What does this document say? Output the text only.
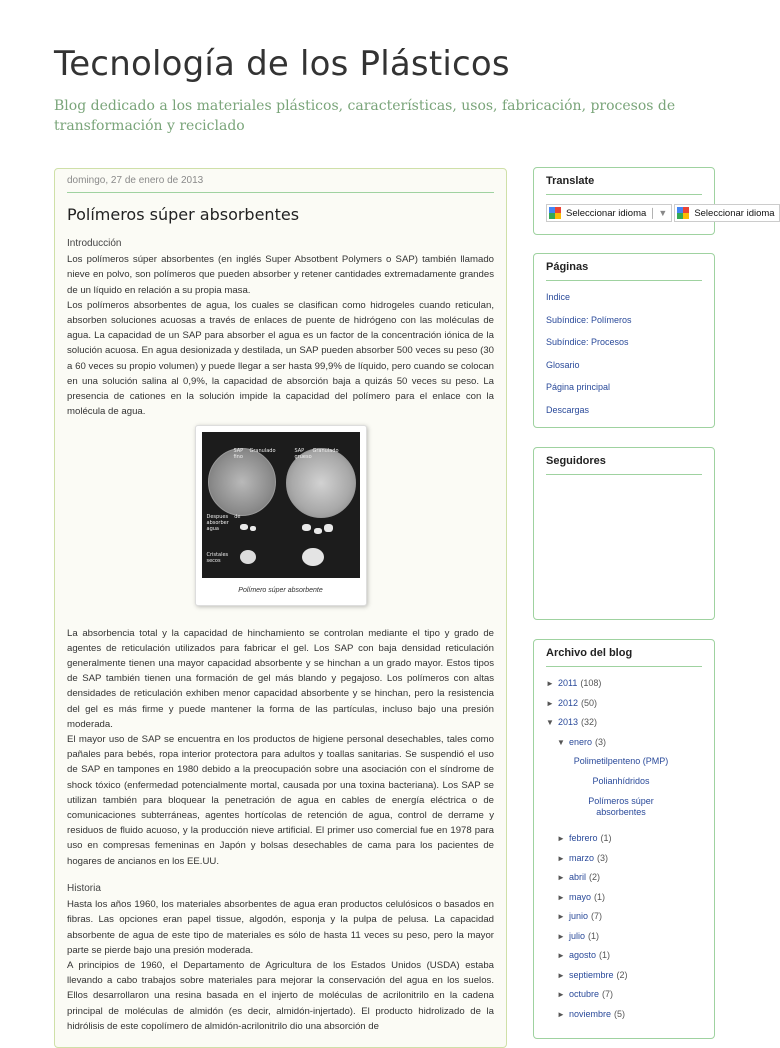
Tecnología de los Plásticos
Blog dedicado a los materiales plásticos, características, usos, fabricación, procesos de transformación y reciclado
domingo, 27 de enero de 2013
Polímeros súper absorbentes
Introducción

Los polímeros súper absorbentes (en inglés Super Absotbent Polymers o SAP) también llamado nieve en polvo, son polímeros que pueden absorber y retener cantidades extremadamente grandes de un líquido en relación a su propia masa.

Los polímeros absorbentes de agua, los cuales se clasifican como hidrogeles cuando reticulan, absorben soluciones acuosas a través de enlaces de puente de hidrógeno con las moléculas de agua. La capacidad de un SAP para absorber el agua es un factor de la concentración iónica de la solución acuosa. En agua desionizada y destilada, un SAP pueden absorber 500 veces su peso (30 a 60 veces su propio volumen) y puede llegar a ser hasta 99,9% de líquido, pero cuando se colocan en una solución salina al 0,9%, la capacidad de absorción baja a quizás 50 veces su peso. La presencia de cationes en la solución impide la capacidad del polímero para el enlace con la molécula de agua.

SAP Granulado fino
SAP Granulado grueso
Despues de absorber agua
Cristales secos
Polímero súper absorbente

La absorbencia total y la capacidad de hinchamiento se controlan mediante el tipo y grado de agentes de reticulación utilizados para fabricar el gel. Los SAP con baja densidad reticulación generalmente tienen una mayor capacidad absorbente y se hinchan a un grado mayor. Estos tipos de SAP también tienen una formación de gel más blando y pegajoso. Los polímeros con altas densidades de reticulación exhiben menor capacidad absorbente y se hinchan, pero la resistencia del gel es más firme y puede mantener la forma de las partículas, incluso bajo una presión moderada.

El mayor uso de SAP se encuentra en los productos de higiene personal desechables, tales como pañales para bebés, ropa interior protectora para adultos y toallas sanitarias. Se suspendió el uso de SAP en tampones en 1980 debido a la preocupación sobre una asociación con el síndrome de shock tóxico (enfermedad potencialmente mortal, causada por una toxina bacteriana). Los SAP se utilizan también para bloquear la penetración de agua en cables de energía eléctrica o de comunicaciones subterráneas, agentes hortícolas de retención de agua, control de derrame y residuos de fluido acuoso, y la producción nieve artificial. El primer uso comercial fue en 1978 para uso en compresas femeninas en Japón y bolsas desechables de cama para los pacientes de hogares de ancianos en los EE.UU.

Historia

Hasta los años 1960, los materiales absorbentes de agua eran productos celulósicos o basados en fibras. Las opciones eran papel tissue, algodón, esponja y la pulpa de pelusa. La capacidad absorbente de agua de este tipo de materiales es sólo de hasta 11 veces su peso, pero la mayor parte se pierde bajo una presión moderada.

A principios de 1960, el Departamento de Agricultura de los Estados Unidos (USDA) estaba llevando a cabo trabajos sobre materiales para mejorar la conservación del agua en los suelos. Ellos desarrollaron una resina basada en el injerto de moléculas de acrilonitrilo en la cadena principal de moléculas de almidón (es decir, almidón-injertado). El producto hidrolizado de la hidrólisis de este copolímero de almidón-acrilonitrilo dio una absorción de

Translate
Seleccionar idioma │ ▼	Seleccionar idioma
Páginas
Indice
Subíndice: Polímeros
Subíndice: Procesos
Glosario
Página principal
Descargas
Seguidores
Archivo del blog
► 2011 (108)
► 2012 (50)
▼ 2013 (32)
▼ enero (3)
Polimetilpenteno (PMP)
Polianhídridos
Polímeros súper absorbentes
► febrero (1)
► marzo (3)
► abril (2)
► mayo (1)
► junio (7)
► julio (1)
► agosto (1)
► septiembre (2)
► octubre (7)
► noviembre (5)
